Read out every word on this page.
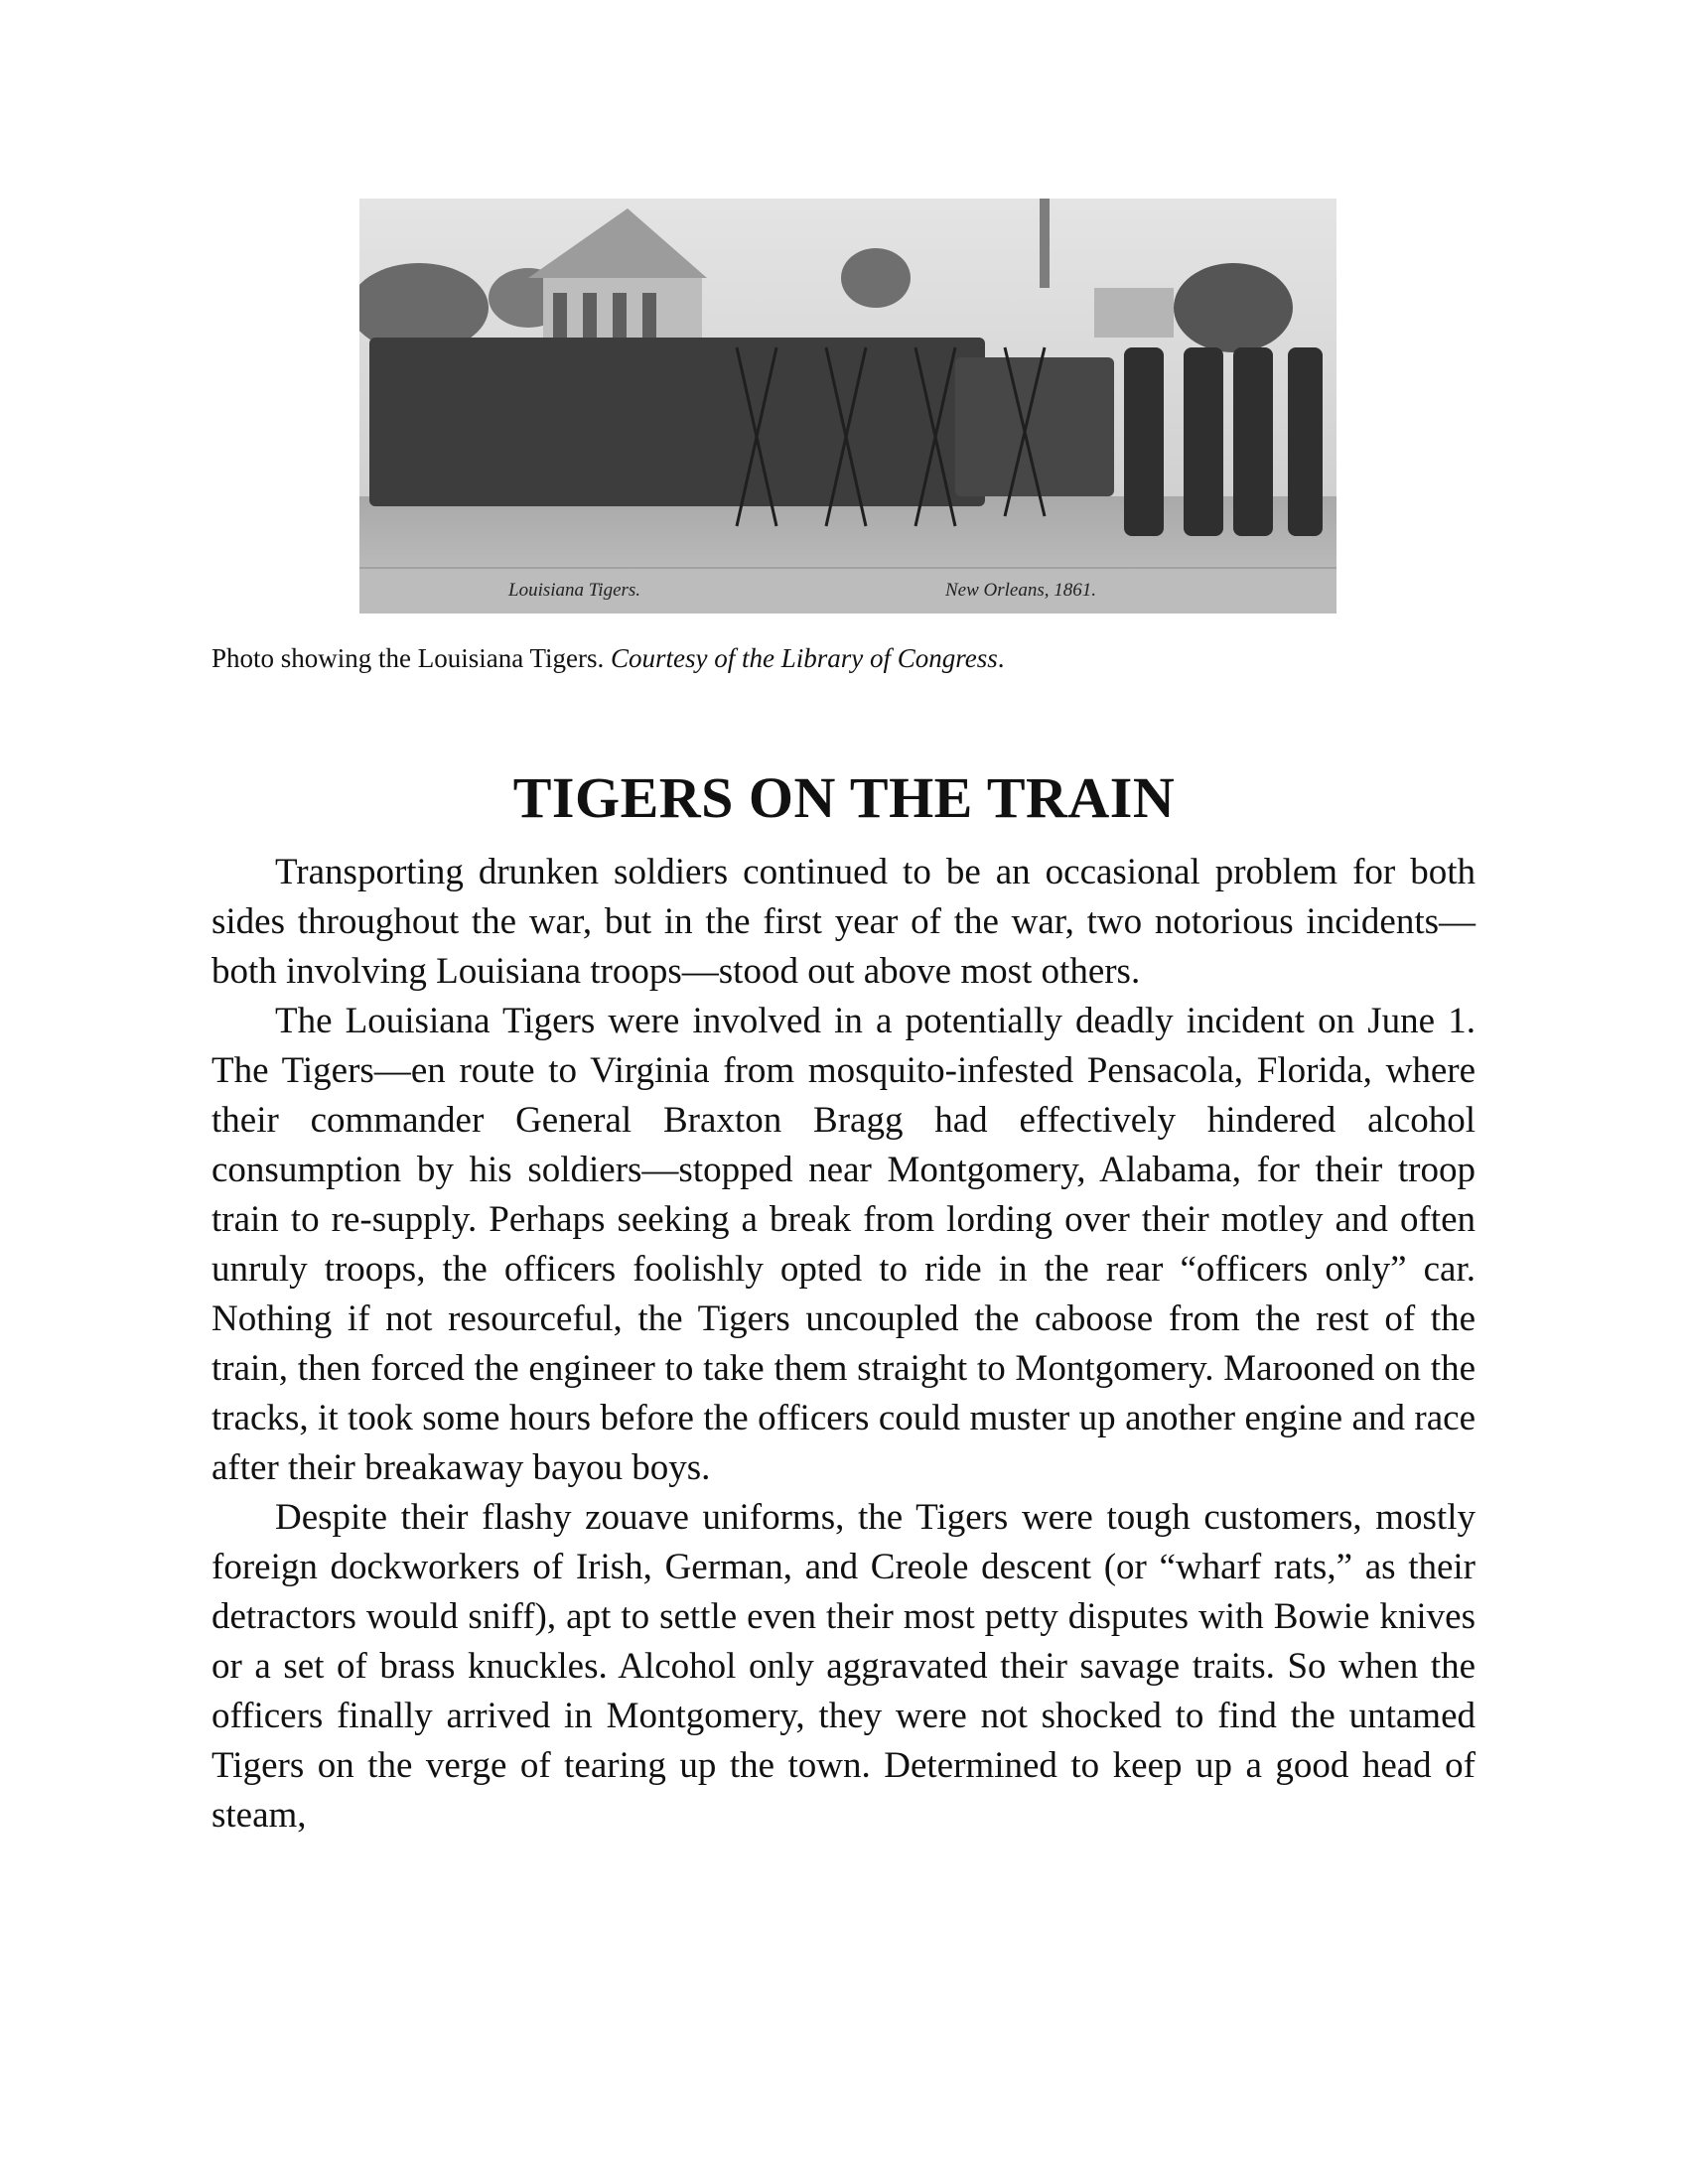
Louisiana Tigers.	New Orleans, 1861.
Photo showing the Louisiana Tigers. Courtesy of the Library of Congress.
TIGERS ON THE TRAIN

Transporting drunken soldiers continued to be an occasional problem for both sides throughout the war, but in the first year of the war, two notorious incidents—both involving Louisiana troops—stood out above most others.

The Louisiana Tigers were involved in a potentially deadly incident on June 1. The Tigers—en route to Virginia from mosquito-infested Pensacola, Florida, where their commander General Braxton Bragg had effectively hindered alcohol consumption by his soldiers—stopped near Montgomery, Alabama, for their troop train to re-supply. Perhaps seeking a break from lording over their motley and often unruly troops, the officers foolishly opted to ride in the rear “officers only” car. Nothing if not resourceful, the Tigers uncoupled the caboose from the rest of the train, then forced the engineer to take them straight to Montgomery. Marooned on the tracks, it took some hours before the officers could muster up another engine and race after their breakaway bayou boys.

Despite their flashy zouave uniforms, the Tigers were tough customers, mostly foreign dockworkers of Irish, German, and Creole descent (or “wharf rats,” as their detractors would sniff), apt to settle even their most petty disputes with Bowie knives or a set of brass knuckles. Alcohol only aggravated their savage traits. So when the officers finally arrived in Montgomery, they were not shocked to find the untamed Tigers on the verge of tearing up the town. Determined to keep up a good head of steam,
